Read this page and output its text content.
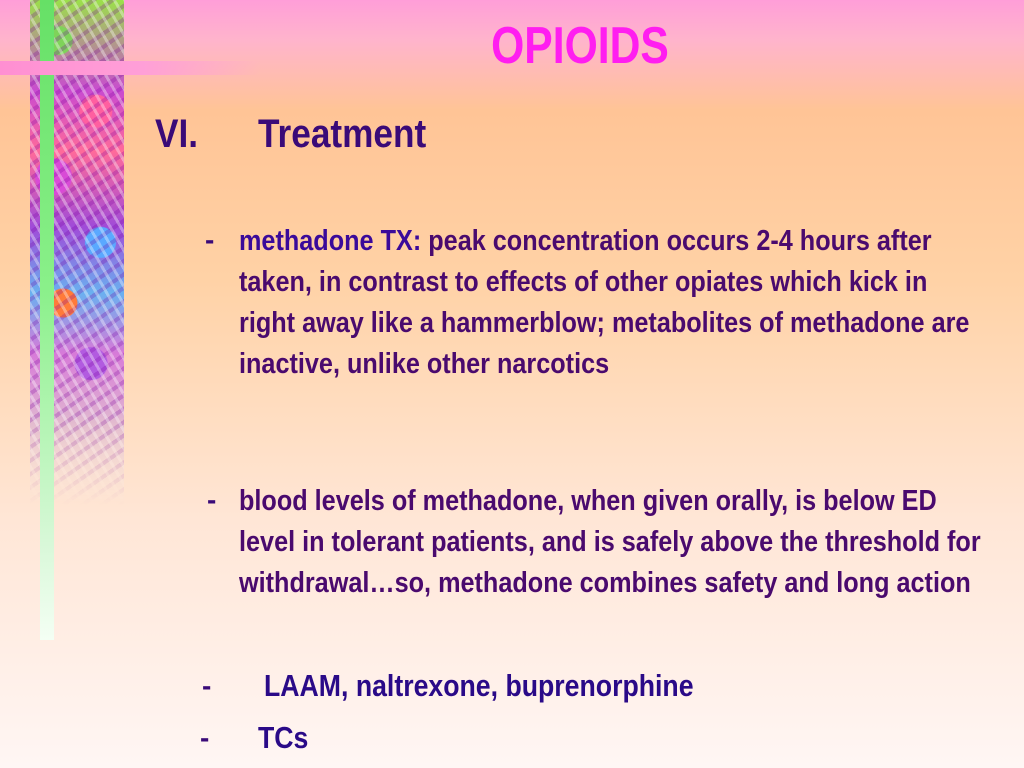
OPIOIDS
VI. Treatment
- methadone TX: peak concentration occurs 2-4 hours after taken, in contrast to effects of other opiates which kick in right away like a hammerblow; metabolites of methadone are inactive, unlike other narcotics
- blood levels of methadone, when given orally, is below ED level in tolerant patients, and is safely above the threshold for withdrawal…so, methadone combines safety and long action
- LAAM, naltrexone, buprenorphine
- TCs
